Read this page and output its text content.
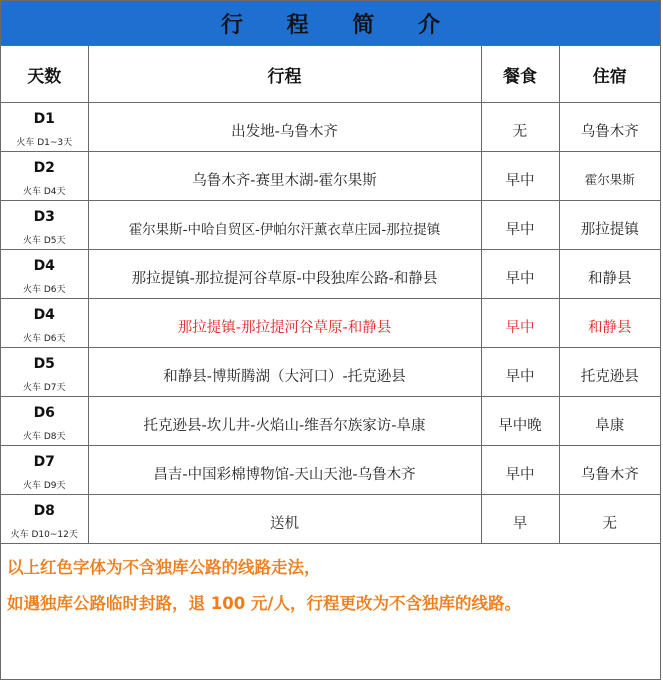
行 程 简 介
天数	行程	餐食	住宿

D1
火车 D1~3天	出发地-乌鲁木齐	无	乌鲁木齐

D2
火车 D4天	乌鲁木齐-赛里木湖-霍尔果斯	早中	霍尔果斯

D3
火车 D5天	霍尔果斯-中哈自贸区-伊帕尔汗薰衣草庄园-那拉提镇	早中	那拉提镇

D4
火车 D6天	那拉提镇-那拉提河谷草原-中段独库公路-和静县	早中	和静县

D4
火车 D6天	那拉提镇-那拉提河谷草原-和静县	早中	和静县

D5
火车 D7天	和静县-博斯腾湖（大河口）-托克逊县	早中	托克逊县

D6
火车 D8天	托克逊县-坎儿井-火焰山-维吾尔族家访-阜康	早中晚	阜康

D7
火车 D9天	昌吉-中国彩棉博物馆-天山天池-乌鲁木齐	早中	乌鲁木齐

D8
火车 D10~12天	送机	早	无

以上红色字体为不含独库公路的线路走法，

如遇独库公路临时封路，退 100 元/人，行程更改为不含独库的线路。
